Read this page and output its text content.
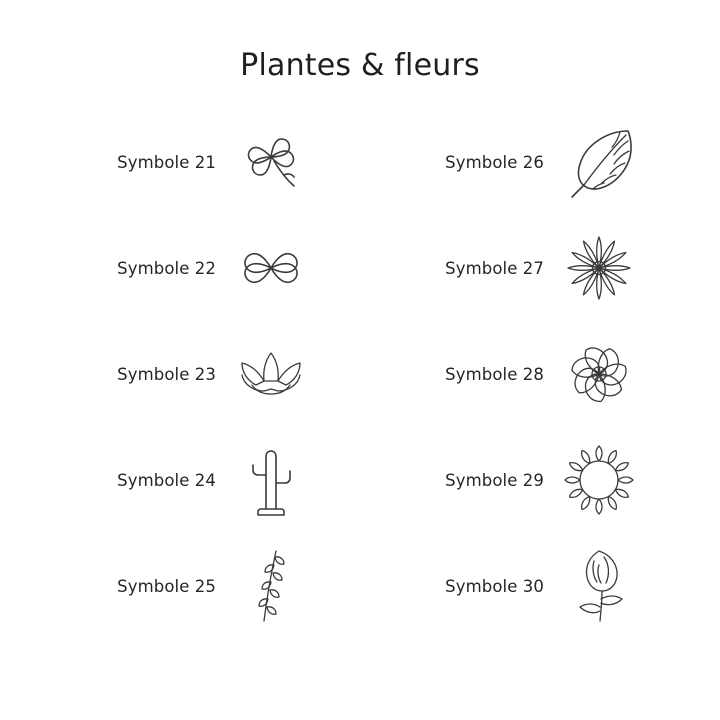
Plantes & fleurs
Symbole 21	Symbole 26
Symbole 22	Symbole 27
Symbole 23	Symbole 28
Symbole 24	Symbole 29
Symbole 25	Symbole 30
